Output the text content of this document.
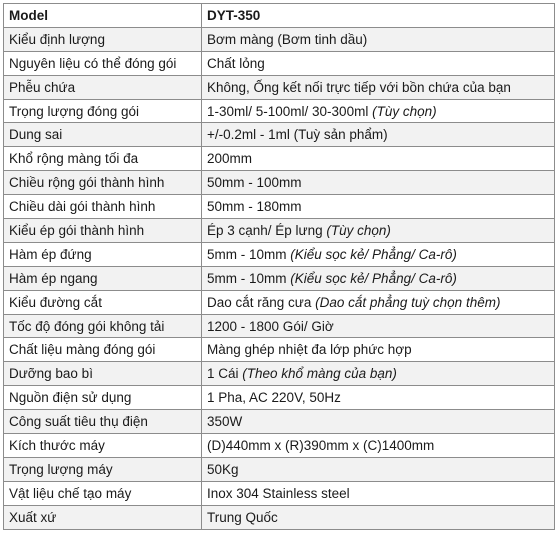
Model	DYT-350
Kiểu định lượng	Bơm màng (Bơm tinh dầu)
Nguyên liệu có thể đóng gói	Chất lỏng
Phễu chứa	Không, Ống kết nối trực tiếp với bồn chứa của bạn
Trọng lượng đóng gói	1-30ml/ 5-100ml/ 30-300ml (Tùy chọn)
Dung sai	+/-0.2ml - 1ml (Tuỳ sản phẩm)
Khổ rộng màng tối đa	200mm
Chiều rộng gói thành hình	50mm - 100mm
Chiều dài gói thành hình	50mm - 180mm
Kiểu ép gói thành hình	Ép 3 cạnh/ Ép lưng (Tùy chọn)
Hàm ép đứng	5mm - 10mm (Kiểu sọc kẻ/ Phẳng/ Ca-rô)
Hàm ép ngang	5mm - 10mm (Kiểu sọc kẻ/ Phẳng/ Ca-rô)
Kiểu đường cắt	Dao cắt răng cưa (Dao cắt phẳng tuỳ chọn thêm)
Tốc độ đóng gói không tải	1200 - 1800 Gói/ Giờ
Chất liệu màng đóng gói	Màng ghép nhiệt đa lớp phức hợp
Dưỡng bao bì	1 Cái (Theo khổ màng của bạn)
Nguồn điện sử dụng	1 Pha, AC 220V, 50Hz
Công suất tiêu thụ điện	350W
Kích thước máy	(D)440mm x (R)390mm x (C)1400mm
Trọng lượng máy	50Kg
Vật liệu chế tạo máy	Inox 304 Stainless steel
Xuất xứ	Trung Quốc
